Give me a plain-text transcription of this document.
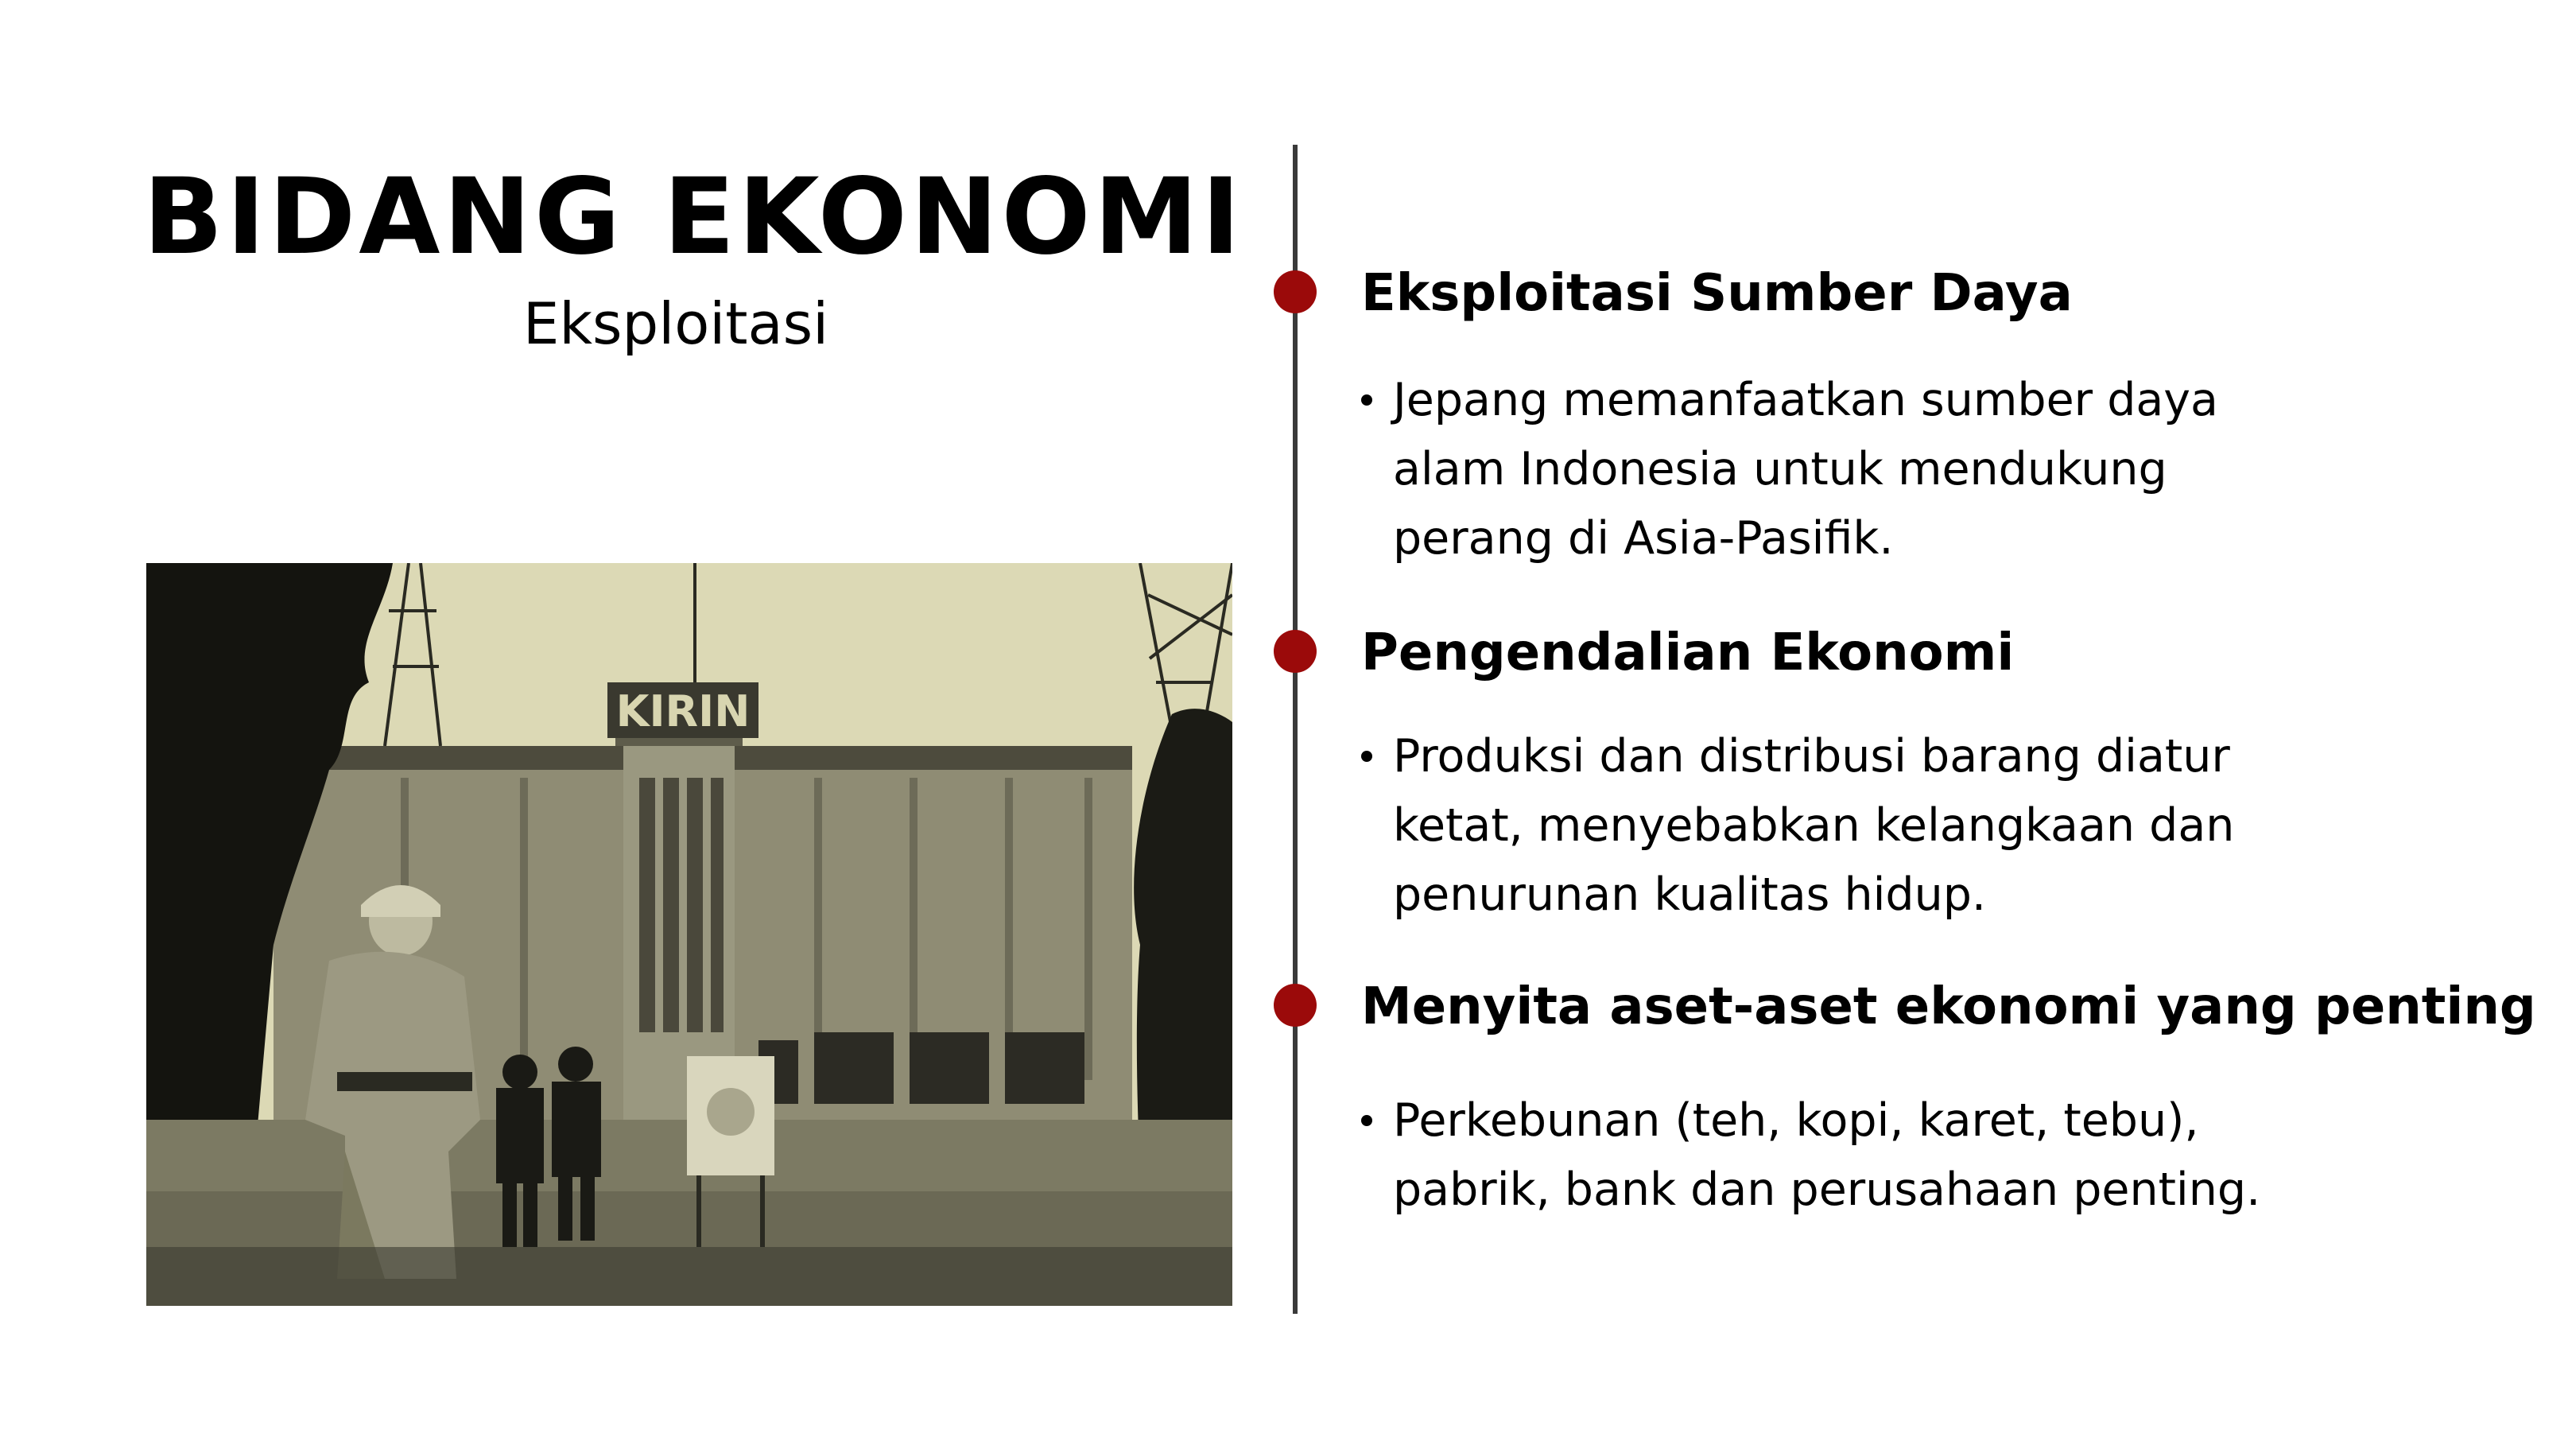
BIDANG EKONOMI
Eksploitasi
KIRIN
Eksploitasi Sumber Daya
Jepang memanfaatkan sumber daya
alam Indonesia untuk mendukung
perang di Asia-Pasifik.
Pengendalian Ekonomi
Produksi dan distribusi barang diatur
ketat, menyebabkan kelangkaan dan
penurunan kualitas hidup.
Menyita aset-aset ekonomi yang penting
Perkebunan (teh, kopi, karet, tebu),
pabrik, bank dan perusahaan penting.
